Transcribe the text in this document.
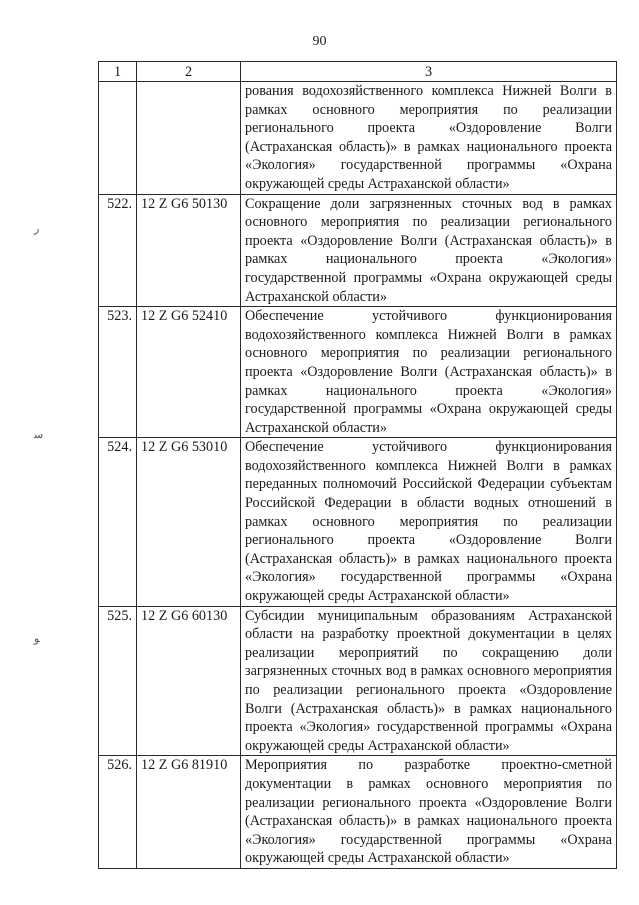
90
ر
ﺳ
ﻮ
1	2	3
		рования водохозяйственного комплекса Нижней Волги в рамках основного мероприятия по реализации регионального проекта «Оздоровление Волги (Астраханская область)» в рамках национального проекта «Экология» государственной программы «Охрана окружающей среды Астраханской области»
522.	12 Z G6 50130	Сокращение доли загрязненных сточных вод в рамках основного мероприятия по реализации регионального проекта «Оздоровление Волги (Астраханская область)» в рамках национального проекта «Экология» государственной программы «Охрана окружающей среды Астраханской области»
523.	12 Z G6 52410	Обеспечение устойчивого функционирования водохозяйственного комплекса Нижней Волги в рамках основного мероприятия по реализации регионального проекта «Оздоровление Волги (Астраханская область)» в рамках национального проекта «Экология» государственной программы «Охрана окружающей среды Астраханской области»
524.	12 Z G6 53010	Обеспечение устойчивого функционирования водохозяйственного комплекса Нижней Волги в рамках переданных полномочий Российской Федерации субъектам Российской Федерации в области водных отношений в рамках основного мероприятия по реализации регионального проекта «Оздоровление Волги (Астраханская область)» в рамках национального проекта «Экология» государственной программы «Охрана окружающей среды Астраханской области»
525.	12 Z G6 60130	Субсидии муниципальным образованиям Астраханской области на разработку проектной документации в целях реализации мероприятий по сокращению доли загрязненных сточных вод в рамках основного мероприятия по реализации регионального проекта «Оздоровление Волги (Астраханская область)» в рамках национального проекта «Экология» государственной программы «Охрана окружающей среды Астраханской области»
526.	12 Z G6 81910	Мероприятия по разработке проектно-сметной документации в рамках основного мероприятия по реализации регионального проекта «Оздоровление Волги (Астраханская область)» в рамках национального проекта «Экология» государственной программы «Охрана окружающей среды Астраханской области»
